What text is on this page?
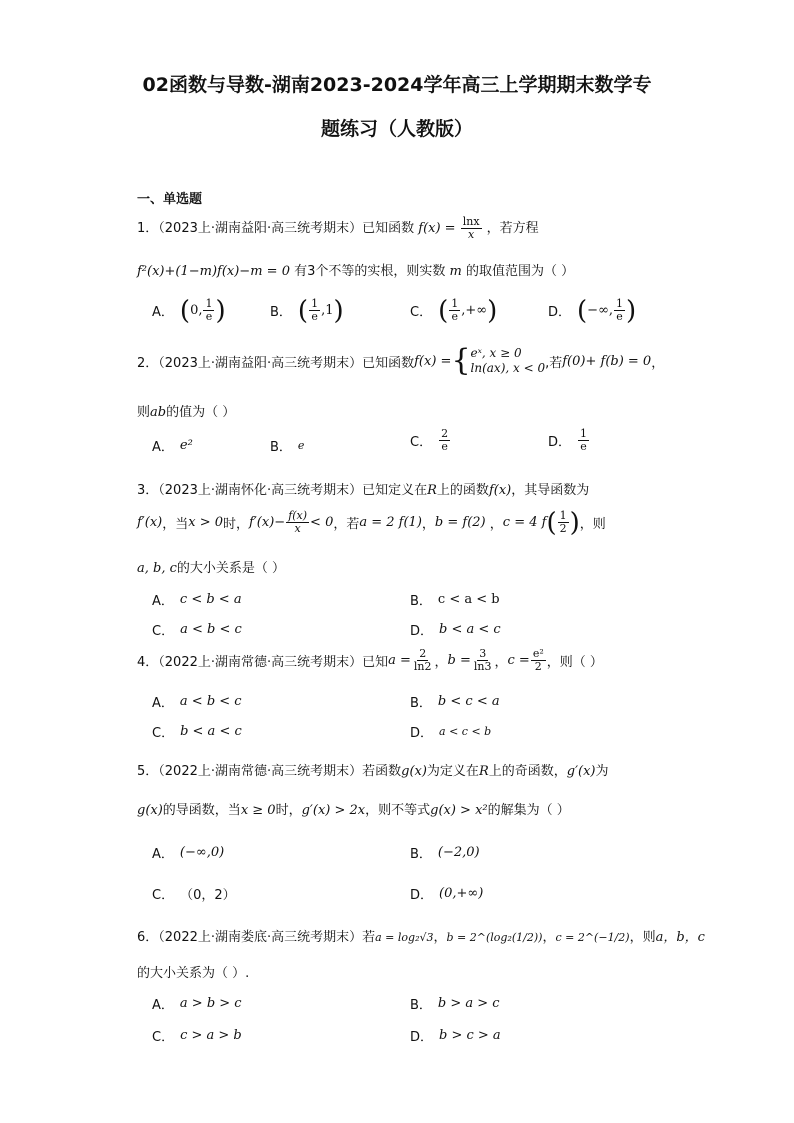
02函数与导数-湖南2023-2024学年高三上学期期末数学专
题练习（人教版）
一、单选题
1．（2023上·湖南益阳·高三统考期末）已知函数 $f(x) = \frac{\ln x}{x}$ ，若方程
f²(x)+(1−m)f(x)−m = 0 有3个不等的实根，则实数 m 的取值范围为（ ）
A． ( 0, $\frac{1}{e}$ )	B． ( $\frac{1}{e} ,1$ )	C． ( $\frac{1}{e}$ ,+∞ )	D． ( −∞, $\frac{1}{e}$ )
2．（2023上·湖南益阳·高三统考期末）已知函数 f(x) = { eˣ, x ≥ 0
ln(ax), x < 0 ,若 f(0)+ f(b) = 0 ，
则ab的值为（ ）
A． e²	B． e	C． $\frac{2}{e}$	D． $\frac{1}{e}$
3．（2023上·湖南怀化·高三统考期末）已知定义在R上的函数f(x)，其导函数为
f′(x) ，当 x > 0 时， $f'(x)- \frac{f(x)}{x} < 0$ ，若 a = 2 f(1) ， b = f(2) ， c = 4 f ( $\frac{1}{2}$ ) ，则
a, b, c的大小关系是（ ）
A． c < b < a	B． c < a < b
C． a < b < c	D． b < a < c
4．（2022上·湖南常德·高三统考期末）已知 $a = \frac{2}{\ln 2}$ ， $b = \frac{3}{\ln 3}$ ， $c = \frac{\text{e²}}{2}$ ，则（ ）
A． a < b < c	B． b < c < a
C． b < a < c	D． a < c < b
5．（2022上·湖南常德·高三统考期末）若函数g(x)为定义在R上的奇函数，g′(x)为
g(x)的导函数，当x ≥ 0时，g′(x) > 2x，则不等式g(x) > x²的解集为（ ）
A． (−∞,0)	B． (−2,0)
C． （0，2）	D． (0,+∞)
6．（2022上·湖南娄底·高三统考期末）若a = log₂√3，b = 2^(log₂(1/2))，c = 2^(−1/2)，则a，b，c
的大小关系为（ ）.
A． a > b > c	B． b > a > c
C． c > a > b	D． b > c > a
